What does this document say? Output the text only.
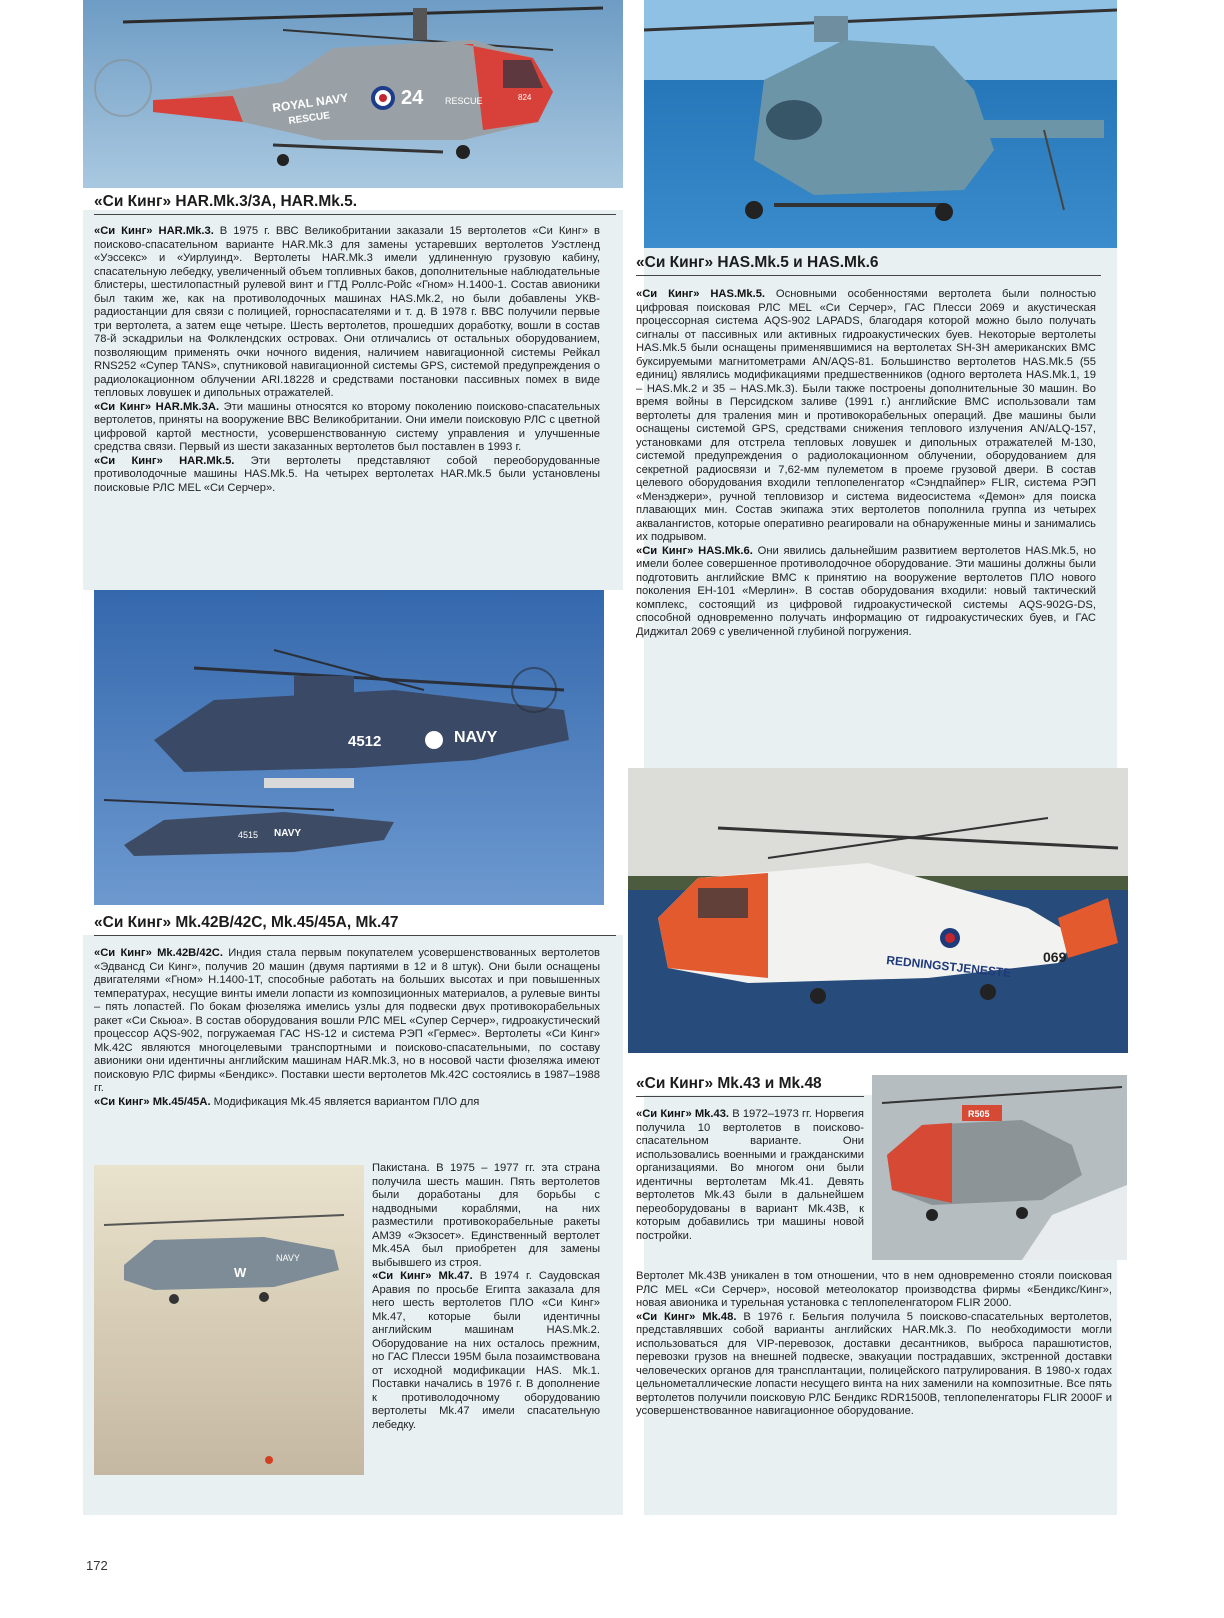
ROYAL NAVY
RESCUE
24 RESCUE	824
4512	NAVY
4515 NAVY
REDNINGSTJENESTE 069
R505
W
NAVY
«Си Кинг» HAR.Mk.3/3A, HAR.Mk.5.

«Си Кинг» HAR.Mk.3. В 1975 г. ВВС Великобритании заказали 15 вертолетов «Си Кинг» в поисково-спасательном варианте HAR.Mk.3 для замены устаревших вертолетов Уэстленд «Уэссекс» и «Уирлуинд». Вертолеты HAR.Mk.3 имели удлиненную грузовую кабину, спасательную лебедку, увеличенный объем топливных баков, дополнительные наблюдательные блистеры, шестилопастный рулевой винт и ГТД Роллс-Ройс «Гном» H.1400-1. Состав авионики был таким же, как на противолодочных машинах HAS.Mk.2, но были добавлены УКВ-радиостанции для связи с полицией, горноспасателями и т. д. В 1978 г. ВВС получили первые три вертолета, а затем еще четыре. Шесть вертолетов, прошедших доработку, вошли в состав 78-й эскадрильи на Фолклендских островах. Они отличались от остальных оборудованием, позволяющим применять очки ночного видения, наличием навигационной системы Рейкал RNS252 «Супер TANS», спутниковой навигационной системы GPS, системой предупреждения о радиолокационном облучении ARI.18228 и средствами постановки пассивных помех в виде тепловых ловушек и дипольных отражателей.

«Си Кинг» HAR.Mk.3A. Эти машины относятся ко второму поколению поисково-спасательных вертолетов, приняты на вооружение ВВС Великобритании. Они имели поисковую РЛС с цветной цифровой картой местности, усовершенствованную систему управления и улучшенные средства связи. Первый из шести заказанных вертолетов был поставлен в 1993 г.

«Си Кинг» HAR.Mk.5. Эти вертолеты представляют собой переоборудованные противолодочные машины HAS.Mk.5. На четырех вертолетах HAR.Mk.5 были установлены поисковые РЛС MEL «Си Серчер».

«Си Кинг» HAS.Mk.5 и HAS.Mk.6

«Си Кинг» HAS.Mk.5. Основными особенностями вертолета были полностью цифровая поисковая РЛС MEL «Си Серчер», ГАС Плесси 2069 и акустическая процессорная система AQS-902 LAPADS, благодаря которой можно было получать сигналы от пассивных или активных гидроакустических буев. Некоторые вертолеты HAS.Mk.5 были оснащены применявшимися на вертолетах SH-3H американских ВМС буксируемыми магнитометрами AN/AQS-81. Большинство вертолетов HAS.Mk.5 (55 единиц) являлись модификациями предшественников (одного вертолета HAS.Mk.1, 19 – HAS.Mk.2 и 35 – HAS.Mk.3). Были также построены дополнительные 30 машин. Во время войны в Персидском заливе (1991 г.) английские ВМС использовали там вертолеты для траления мин и противокорабельных операций. Две машины были оснащены системой GPS, средствами снижения теплового излучения AN/ALQ-157, установками для отстрела тепловых ловушек и дипольных отражателей M-130, системой предупреждения о радиолокационном облучении, оборудованием для секретной радиосвязи и 7,62-мм пулеметом в проеме грузовой двери. В состав целевого оборудования входили теплопеленгатор «Сэндпайпер» FLIR, система РЭП «Менэджери», ручной тепловизор и система видеосистема «Демон» для поиска плавающих мин. Состав экипажа этих вертолетов пополнила группа из четырех аквалангистов, которые оперативно реагировали на обнаруженные мины и занимались их подрывом.

«Си Кинг» HAS.Mk.6. Они явились дальнейшим развитием вертолетов HAS.Mk.5, но имели более совершенное противолодочное оборудование. Эти машины должны были подготовить английские ВМС к принятию на вооружение вертолетов ПЛО нового поколения EH-101 «Мерлин». В состав оборудования входили: новый тактический комплекс, состоящий из цифровой гидроакустической системы AQS-902G-DS, способной одновременно получать информацию от гидроакустических буев, и ГАС Диджитал 2069 с увеличенной глубиной погружения.

«Си Кинг» Mk.42B/42C, Mk.45/45A, Mk.47

«Си Кинг» Mk.42B/42C. Индия стала первым покупателем усовершенствованных вертолетов «Эдвансд Си Кинг», получив 20 машин (двумя партиями в 12 и 8 штук). Они были оснащены двигателями «Гном» H.1400-1T, способные работать на больших высотах и при повышенных температурах, несущие винты имели лопасти из композиционных материалов, а рулевые винты – пять лопастей. По бокам фюзеляжа имелись узлы для подвески двух противокорабельных ракет «Си Скьюа». В состав оборудования вошли РЛС MEL «Супер Серчер», гидроакустический процессор AQS-902, погружаемая ГАС HS-12 и система РЭП «Гермес». Вертолеты «Си Кинг» Mk.42C являются многоцелевыми транспортными и поисково-спасательными, по составу авионики они идентичны английским машинам HAR.Mk.3, но в носовой части фюзеляжа имеют поисковую РЛС фирмы «Бендикс». Поставки шести вертолетов Mk.42C состоялись в 1987–1988 гг.

«Си Кинг» Mk.45/45A. Модификация Mk.45 является вариантом ПЛО для

Пакистана. В 1975 – 1977 гг. эта страна получила шесть машин. Пять вертолетов были доработаны для борьбы с надводными кораблями, на них разместили противокорабельные ракеты AM39 «Экзосет». Единственный вертолет Mk.45A был приобретен для замены выбывшего из строя.

«Си Кинг» Mk.47. В 1974 г. Саудовская Аравия по просьбе Египта заказала для него шесть вертолетов ПЛО «Си Кинг» Mk.47, которые были идентичны английским машинам HAS.Mk.2. Оборудование на них осталось прежним, но ГАС Плесси 195M была позаимствована от исходной модификации HAS. Mk.1. Поставки начались в 1976 г. В дополнение к противолодочному оборудованию вертолеты Mk.47 имели спасательную лебедку.

«Си Кинг» Mk.43 и Mk.48

«Си Кинг» Mk.43. В 1972–1973 гг. Норвегия получила 10 вертолетов в поисково-спасательном варианте. Они использовались военными и гражданскими организациями. Во многом они были идентичны вертолетам Mk.41. Девять вертолетов Mk.43 были в дальнейшем переоборудованы в вариант Mk.43B, к которым добавились три машины новой постройки.

Вертолет Mk.43B уникален в том отношении, что в нем одновременно стояли поисковая РЛС MEL «Си Серчер», носовой метеолокатор производства фирмы «Бендикс/Кинг», новая авионика и турельная установка с теплопеленгатором FLIR 2000.

«Си Кинг» Mk.48. В 1976 г. Бельгия получила 5 поисково-спасательных вертолетов, представлявших собой варианты английских HAR.Mk.3. По необходимости могли использоваться для VIP-перевозок, доставки десантников, выброса парашютистов, перевозки грузов на внешней подвеске, эвакуации пострадавших, экстренной доставки человеческих органов для трансплантации, полицейского патрулирования. В 1980-х годах цельнометаллические лопасти несущего винта на них заменили на композитные. Все пять вертолетов получили поисковую РЛС Бендикс RDR1500B, теплопеленгаторы FLIR 2000F и усовершенствованное навигационное оборудование.

172
